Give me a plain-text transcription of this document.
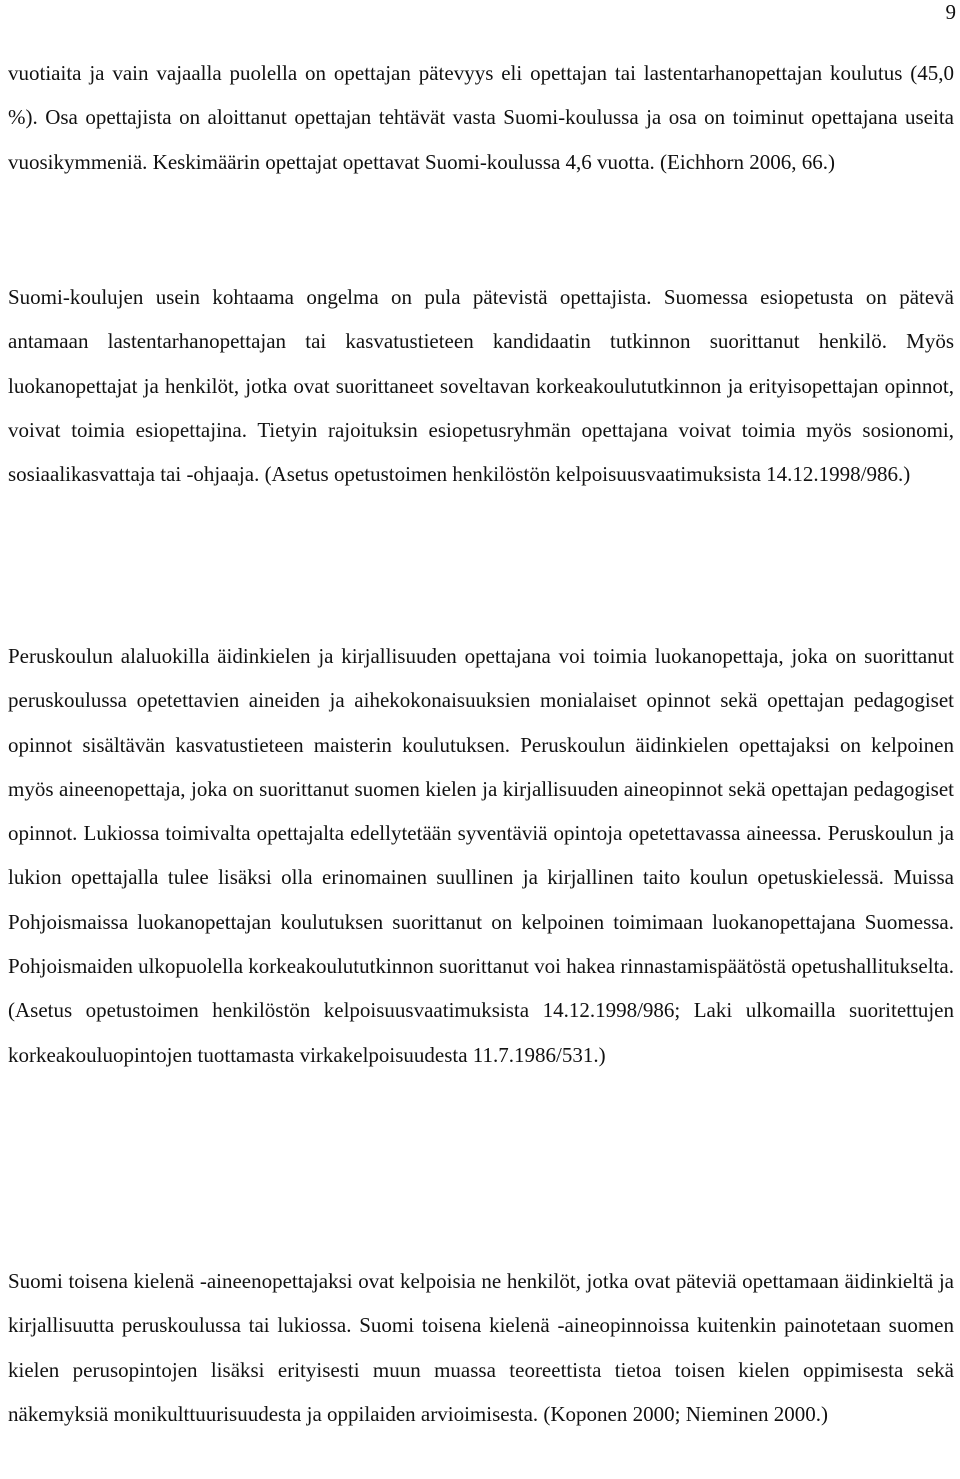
9

vuotiaita ja vain vajaalla puolella on opettajan pätevyys eli opettajan tai lastentarhanopettajan koulutus (45,0 %). Osa opettajista on aloittanut opettajan tehtävät vasta Suomi-koulussa ja osa on toiminut opettajana useita vuosikymmeniä. Keskimäärin opettajat opettavat Suomi-koulussa 4,6 vuotta. (Eichhorn 2006, 66.)

Suomi-koulujen usein kohtaama ongelma on pula pätevistä opettajista. Suomessa esiopetusta on pätevä antamaan lastentarhanopettajan tai kasvatustieteen kandidaatin tutkinnon suorittanut henkilö. Myös luokanopettajat ja henkilöt, jotka ovat suorittaneet soveltavan korkeakoulututkinnon ja erityisopettajan opinnot, voivat toimia esiopettajina. Tietyin rajoituksin esiopetusryhmän opettajana voivat toimia myös sosionomi, sosiaalikasvattaja tai -ohjaaja. (Asetus opetustoimen henkilöstön kelpoisuusvaatimuksista 14.12.1998/986.)

Peruskoulun alaluokilla äidinkielen ja kirjallisuuden opettajana voi toimia luokanopettaja, joka on suorittanut peruskoulussa opetettavien aineiden ja aihekokonaisuuksien monialaiset opinnot sekä opettajan pedagogiset opinnot sisältävän kasvatustieteen maisterin koulutuksen. Peruskoulun äidinkielen opettajaksi on kelpoinen myös aineenopettaja, joka on suorittanut suomen kielen ja kirjallisuuden aineopinnot sekä opettajan pedagogiset opinnot. Lukiossa toimivalta opettajalta edellytetään syventäviä opintoja opetettavassa aineessa. Peruskoulun ja lukion opettajalla tulee lisäksi olla erinomainen suullinen ja kirjallinen taito koulun opetuskielessä. Muissa Pohjoismaissa luokanopettajan koulutuksen suorittanut on kelpoinen toimimaan luokanopettajana Suomessa. Pohjoismaiden ulkopuolella korkeakoulututkinnon suorittanut voi hakea rinnastamispäätöstä opetushallitukselta. (Asetus opetustoimen henkilöstön kelpoisuusvaatimuksista 14.12.1998/986; Laki ulkomailla suoritettujen korkeakouluopintojen tuottamasta virkakelpoisuudesta 11.7.1986/531.)

Suomi toisena kielenä -aineenopettajaksi ovat kelpoisia ne henkilöt, jotka ovat päteviä opettamaan äidinkieltä ja kirjallisuutta peruskoulussa tai lukiossa. Suomi toisena kielenä -aineopinnoissa kuitenkin painotetaan suomen kielen perusopintojen lisäksi erityisesti muun muassa teoreettista tietoa toisen kielen oppimisesta sekä näkemyksiä monikulttuurisuudesta ja oppilaiden arvioimisesta. (Koponen 2000; Nieminen 2000.)
